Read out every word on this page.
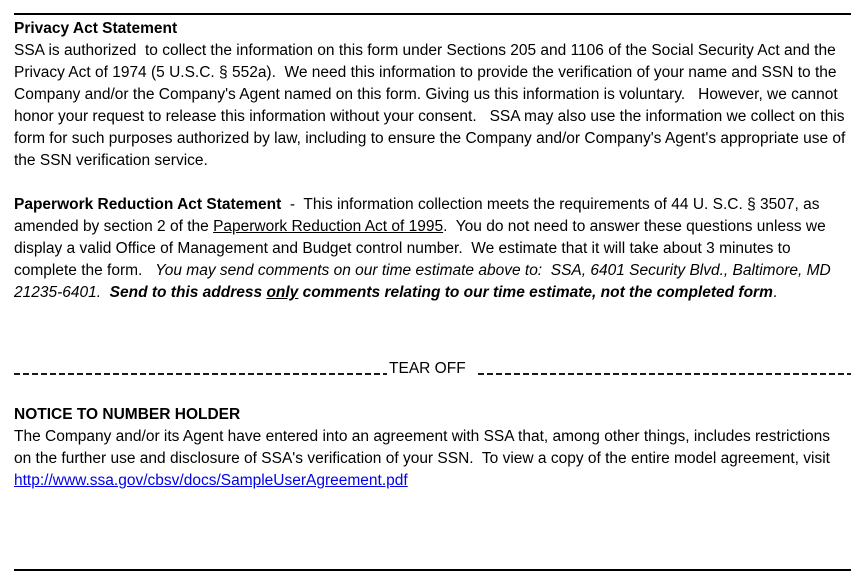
Privacy Act Statement

SSA is authorized  to collect the information on this form under Sections 205 and 1106 of the Social Security Act and the Privacy Act of 1974 (5 U.S.C. § 552a).  We need this information to provide the verification of your name and SSN to the Company and/or the Company's Agent named on this form. Giving us this information is voluntary.   However, we cannot honor your request to release this information without your consent.   SSA may also use the information we collect on this form for such purposes authorized by law, including to ensure the Company and/or Company's Agent's appropriate use of the SSN verification service.

Paperwork Reduction Act Statement  -  This information collection meets the requirements of 44 U. S.C. § 3507, as amended by section 2 of the Paperwork Reduction Act of 1995.  You do not need to answer these questions unless we display a valid Office of Management and Budget control number.  We estimate that it will take about 3 minutes to complete the form.   You may send comments on our time estimate above to:  SSA, 6401 Security Blvd., Baltimore, MD  21235-6401.  Send to this address only comments relating to our time estimate, not the completed form.

TEAR OFF
NOTICE TO NUMBER HOLDER

The Company and/or its Agent have entered into an agreement with SSA that, among other things, includes restrictions on the further use and disclosure of SSA's verification of your SSN.  To view a copy of the entire model agreement, visit http://www.ssa.gov/cbsv/docs/SampleUserAgreement.pdf
